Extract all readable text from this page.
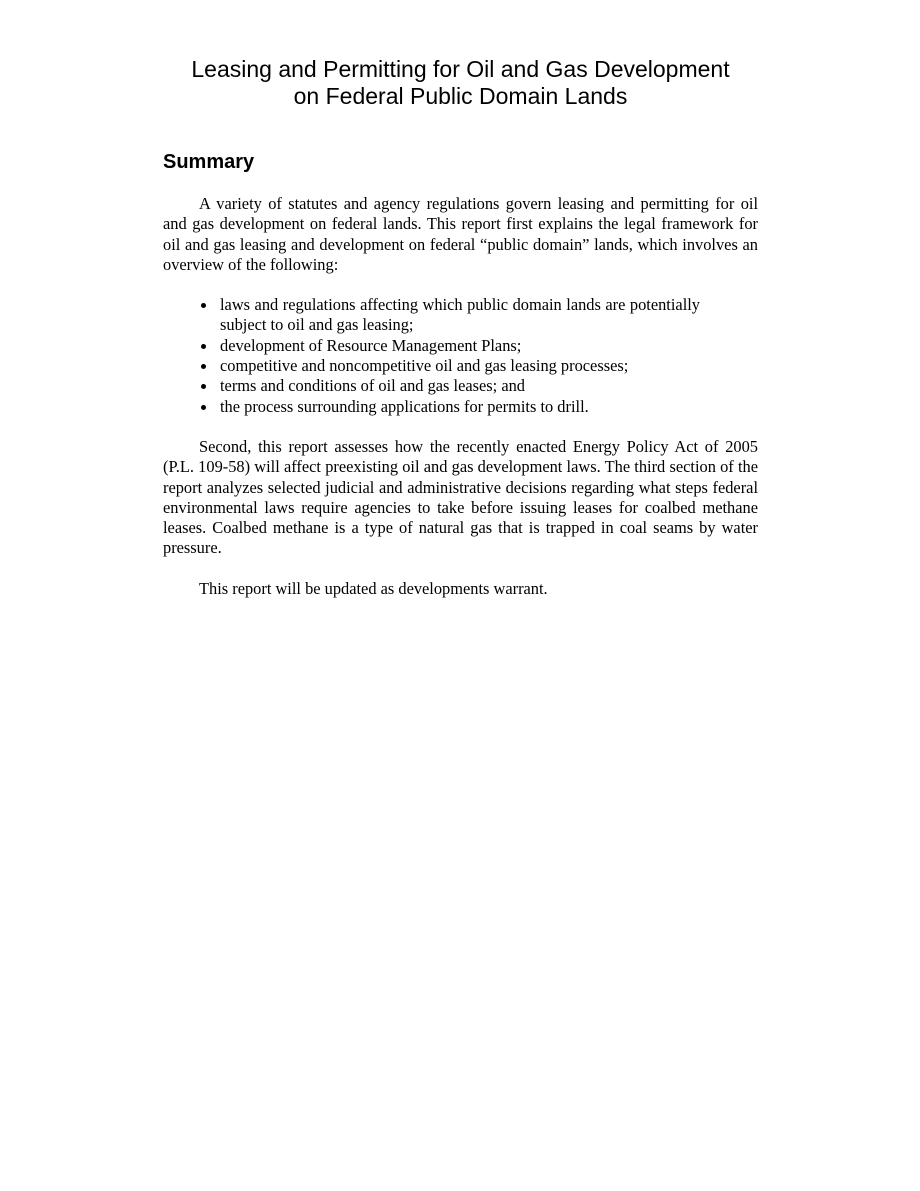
Leasing and Permitting for Oil and Gas Development
on Federal Public Domain Lands
Summary

A variety of statutes and agency regulations govern leasing and permitting for oil and gas development on federal lands. This report first explains the legal framework for oil and gas leasing and development on federal “public domain” lands, which involves an overview of the following:

laws and regulations affecting which public domain lands are potentially subject to oil and gas leasing;
development of Resource Management Plans;
competitive and noncompetitive oil and gas leasing processes;
terms and conditions of oil and gas leases; and
the process surrounding applications for permits to drill.

Second, this report assesses how the recently enacted Energy Policy Act of 2005 (P.L. 109-58) will affect preexisting oil and gas development laws. The third section of the report analyzes selected judicial and administrative decisions regarding what steps federal environmental laws require agencies to take before issuing leases for coalbed methane leases. Coalbed methane is a type of natural gas that is trapped in coal seams by water pressure.

This report will be updated as developments warrant.
